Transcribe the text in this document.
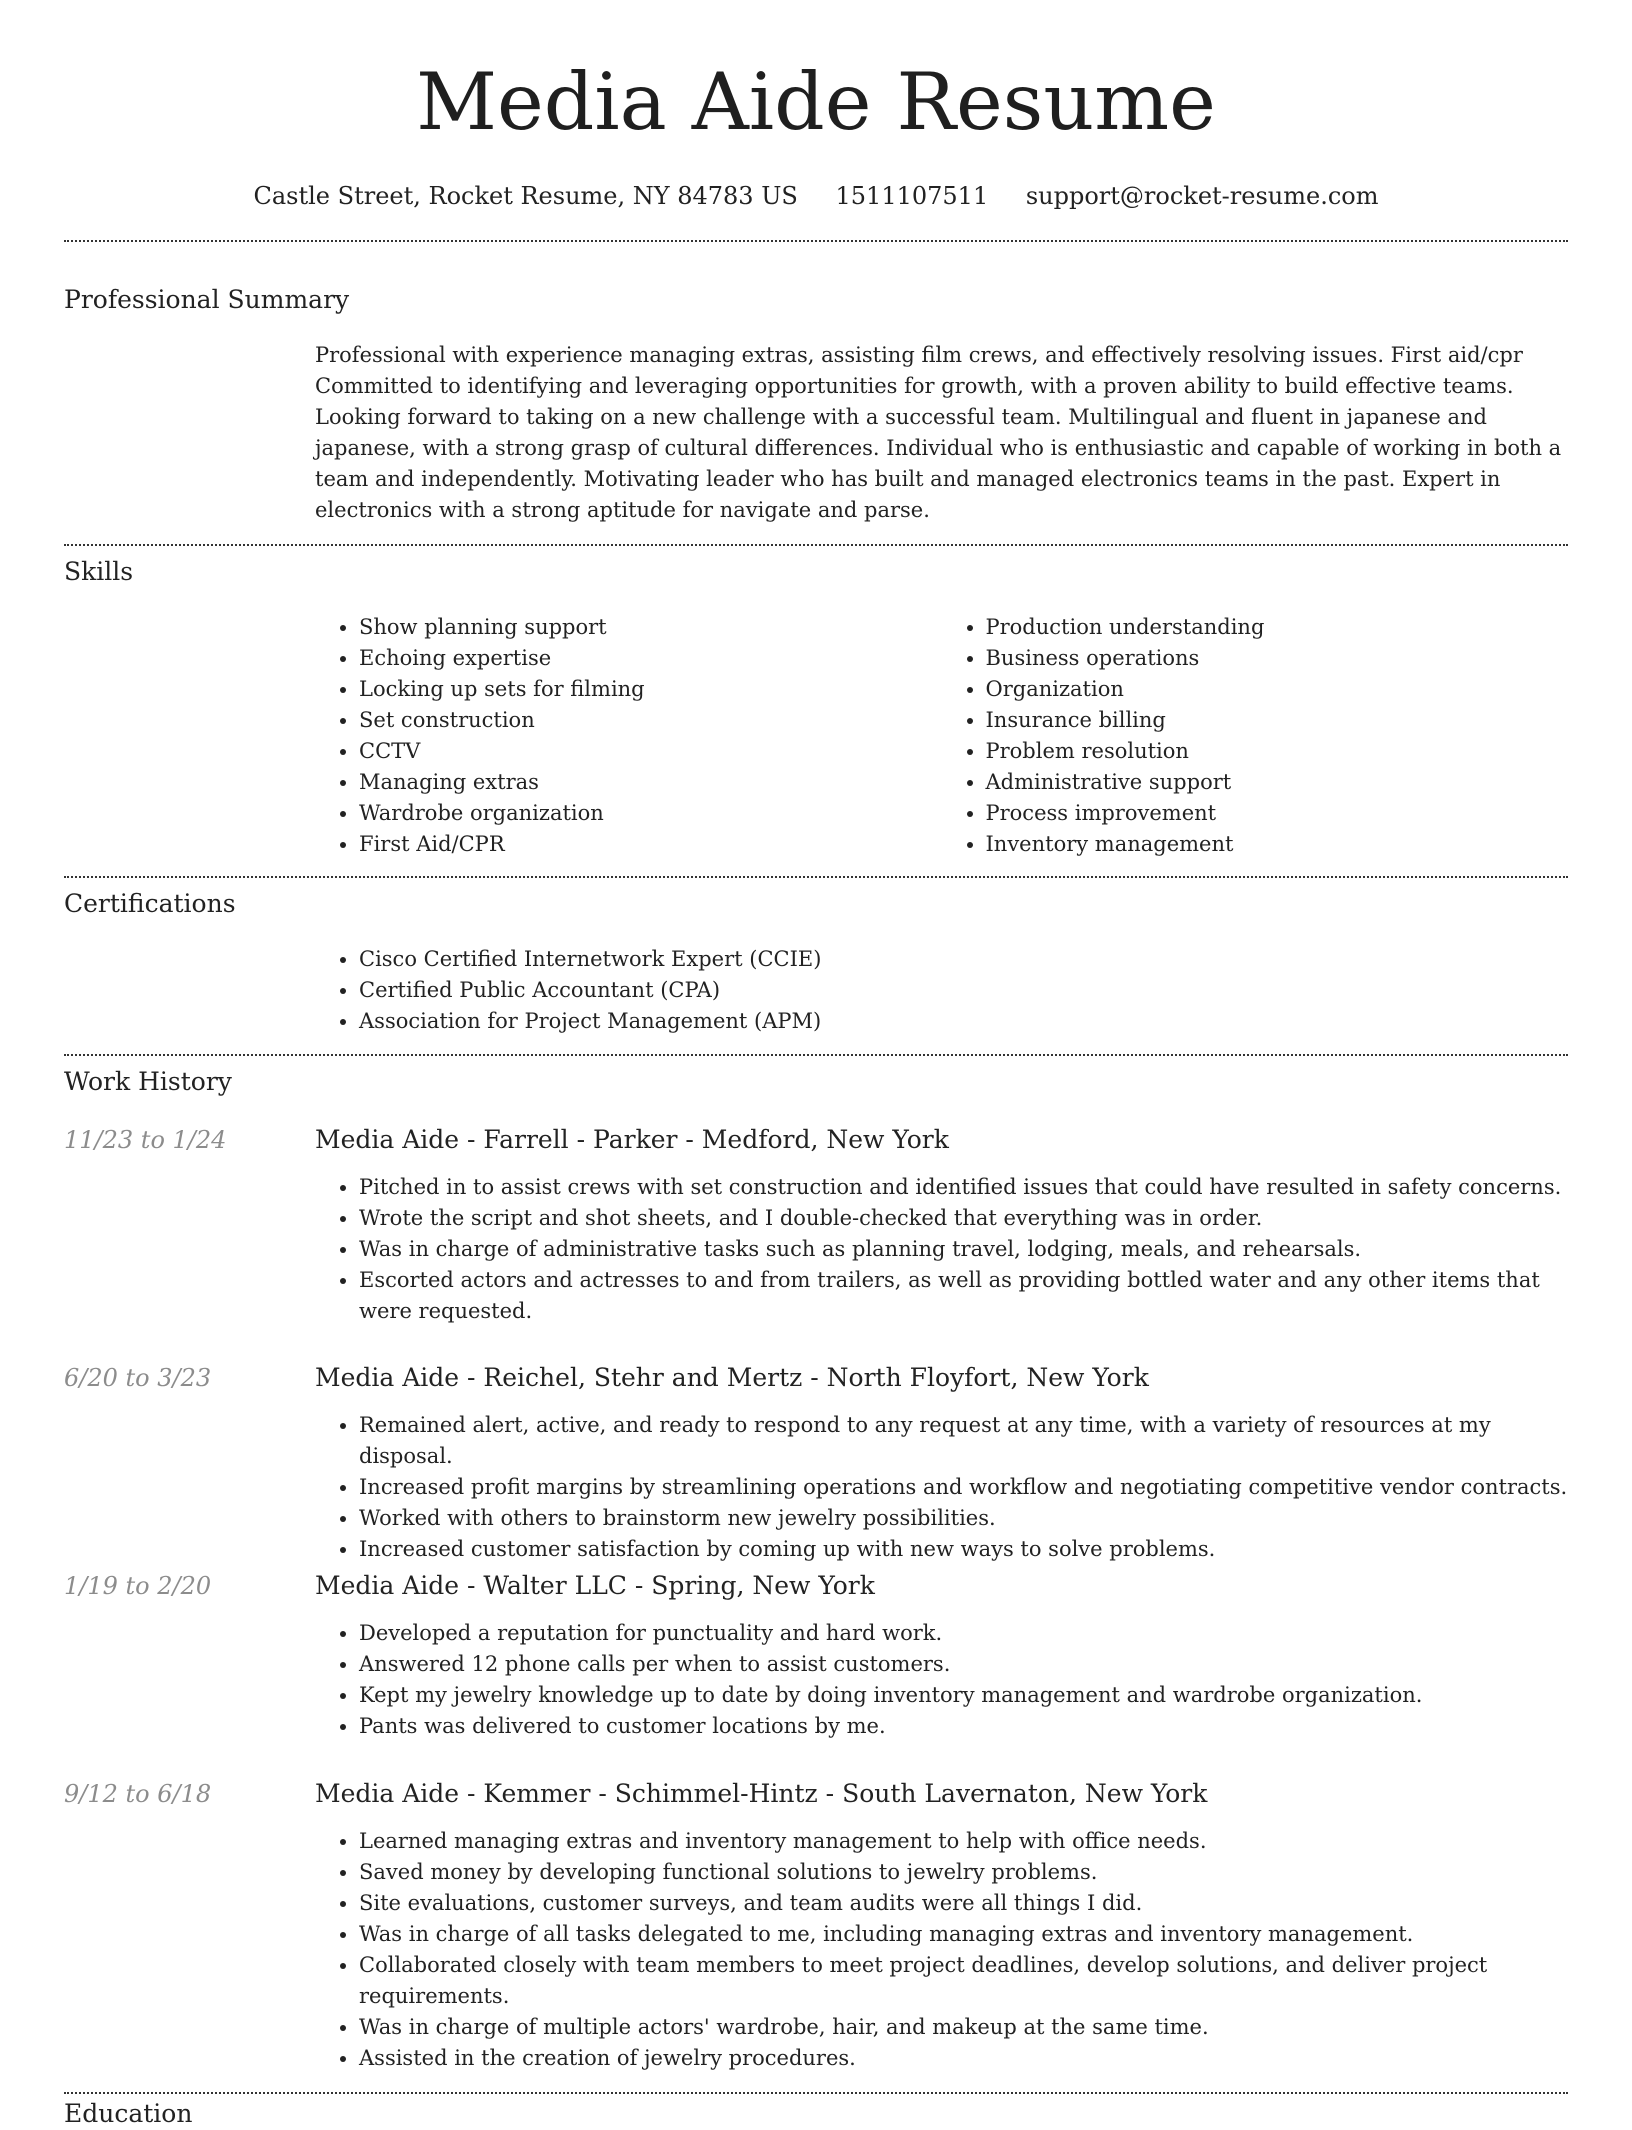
Media Aide Resume
Castle Street, Rocket Resume, NY 84783 US 1511107511 support@rocket-resume.com
Professional Summary

Professional with experience managing extras, assisting film crews, and effectively resolving issues. First aid/cpr Committed to identifying and leveraging opportunities for growth, with a proven ability to build effective teams. Looking forward to taking on a new challenge with a successful team. Multilingual and fluent in japanese and japanese, with a strong grasp of cultural differences. Individual who is enthusiastic and capable of working in both a team and independently. Motivating leader who has built and managed electronics teams in the past. Expert in electronics with a strong aptitude for navigate and parse.

Skills
• Show planning support
• Echoing expertise
• Locking up sets for filming
• Set construction
• CCTV
• Managing extras
• Wardrobe organization
• First Aid/CPR
• Production understanding
• Business operations
• Organization
• Insurance billing
• Problem resolution
• Administrative support
• Process improvement
• Inventory management
Certifications
• Cisco Certified Internetwork Expert (CCIE)
• Certified Public Accountant (CPA)
• Association for Project Management (APM)
Work History
11/23 to 1/24	Media Aide - Farrell - Parker - Medford, New York
• Pitched in to assist crews with set construction and identified issues that could have resulted in safety concerns.
• Wrote the script and shot sheets, and I double-checked that everything was in order.
• Was in charge of administrative tasks such as planning travel, lodging, meals, and rehearsals.
• Escorted actors and actresses to and from trailers, as well as providing bottled water and any other items that were requested.
6/20 to 3/23	Media Aide - Reichel, Stehr and Mertz - North Floyfort, New York
• Remained alert, active, and ready to respond to any request at any time, with a variety of resources at my disposal.
• Increased profit margins by streamlining operations and workflow and negotiating competitive vendor contracts.
• Worked with others to brainstorm new jewelry possibilities.
• Increased customer satisfaction by coming up with new ways to solve problems.
1/19 to 2/20	Media Aide - Walter LLC - Spring, New York
• Developed a reputation for punctuality and hard work.
• Answered 12 phone calls per when to assist customers.
• Kept my jewelry knowledge up to date by doing inventory management and wardrobe organization.
• Pants was delivered to customer locations by me.
9/12 to 6/18	Media Aide - Kemmer - Schimmel-Hintz - South Lavernaton, New York
• Learned managing extras and inventory management to help with office needs.
• Saved money by developing functional solutions to jewelry problems.
• Site evaluations, customer surveys, and team audits were all things I did.
• Was in charge of all tasks delegated to me, including managing extras and inventory management.
• Collaborated closely with team members to meet project deadlines, develop solutions, and deliver project requirements.
• Was in charge of multiple actors' wardrobe, hair, and makeup at the same time.
• Assisted in the creation of jewelry procedures.
Education
